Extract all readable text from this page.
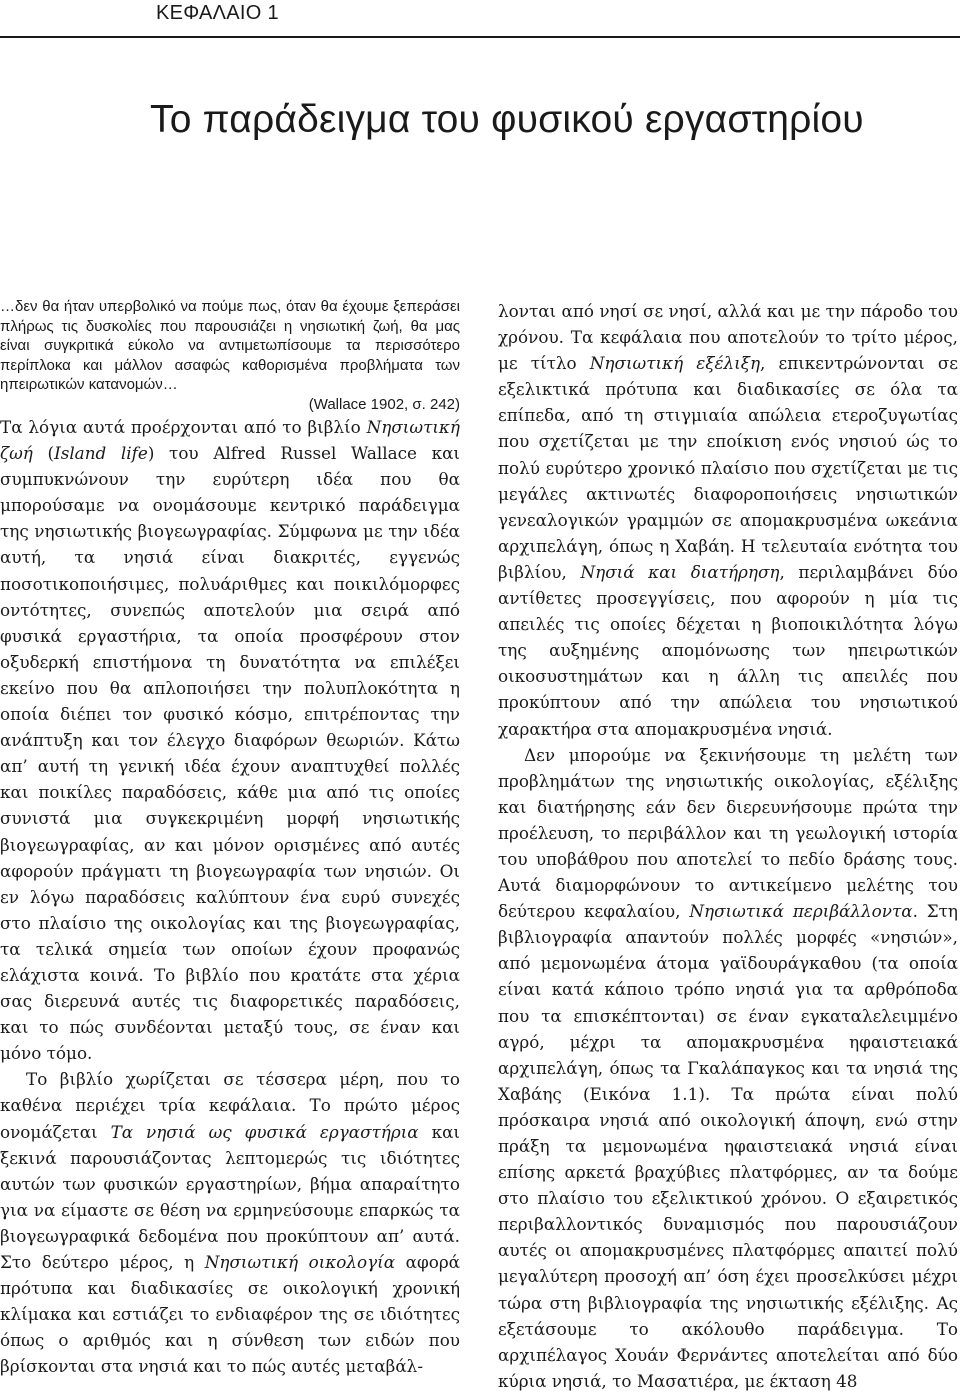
ΚΕΦΑΛΑΙΟ 1
Το παράδειγμα του φυσικού εργαστηρίου

…δεν θα ήταν υπερβολικό να πούμε πως, όταν θα έχουμε ξεπεράσει πλήρως τις δυσκολίες που παρουσιάζει η νησιωτική ζωή, θα μας είναι συγκριτικά εύκολο να αντιμετωπίσουμε τα περισσότερο περίπλοκα και μάλλον ασαφώς καθορισμένα προβλήματα των ηπειρωτικών κατανομών…

(Wallace 1902, σ. 242)

Τα λόγια αυτά προέρχονται από το βιβλίο Νησιωτική ζωή (Island life) του Alfred Russel Wallace και συμπυκνώνουν την ευρύτερη ιδέα που θα μπορούσαμε να ονομάσουμε κεντρικό παράδειγμα της νησιωτικής βιογεωγραφίας. Σύμφωνα με την ιδέα αυτή, τα νησιά είναι διακριτές, εγγενώς ποσοτικοποιήσιμες, πολυάριθμες και ποικιλόμορφες οντότητες, συνεπώς αποτελούν μια σειρά από φυσικά εργαστήρια, τα οποία προσφέρουν στον οξυδερκή επιστήμονα τη δυνατότητα να επιλέξει εκείνο που θα απλοποιήσει την πολυπλοκότητα η οποία διέπει τον φυσικό κόσμο, επιτρέποντας την ανάπτυξη και τον έλεγχο διαφόρων θεωριών. Κάτω απ’ αυτή τη γενική ιδέα έχουν αναπτυχθεί πολλές και ποικίλες παραδόσεις, κάθε μια από τις οποίες συνιστά μια συγκεκριμένη μορφή νησιωτικής βιογεωγραφίας, αν και μόνον ορισμένες από αυτές αφορούν πράγματι τη βιογεωγραφία των νησιών. Οι εν λόγω παραδόσεις καλύπτουν ένα ευρύ συνεχές στο πλαίσιο της οικολογίας και της βιογεωγραφίας, τα τελικά σημεία των οποίων έχουν προφανώς ελάχιστα κοινά. Το βιβλίο που κρατάτε στα χέρια σας διερευνά αυτές τις διαφορετικές παραδόσεις, και το πώς συνδέονται μεταξύ τους, σε έναν και μόνο τόμο.

Το βιβλίο χωρίζεται σε τέσσερα μέρη, που το καθένα περιέχει τρία κεφάλαια. Το πρώτο μέρος ονομάζεται Τα νησιά ως φυσικά εργαστήρια και ξεκινά παρουσιάζοντας λεπτομερώς τις ιδιότητες αυτών των φυσικών εργαστηρίων, βήμα απαραίτητο για να είμαστε σε θέση να ερμηνεύσουμε επαρκώς τα βιογεωγραφικά δεδομένα που προκύπτουν απ’ αυτά. Στο δεύτερο μέρος, η Νησιωτική οικολογία αφορά πρότυπα και διαδικασίες σε οικολογική χρονική κλίμακα και εστιάζει το ενδιαφέρον της σε ιδιότητες όπως ο αριθμός και η σύνθεση των ειδών που βρίσκονται στα νησιά και το πώς αυτές μεταβάλ-

λονται από νησί σε νησί, αλλά και με την πάροδο του χρόνου. Τα κεφάλαια που αποτελούν το τρίτο μέρος, με τίτλο Νησιωτική εξέλιξη, επικεντρώνονται σε εξελικτικά πρότυπα και διαδικασίες σε όλα τα επίπεδα, από τη στιγμιαία απώλεια ετεροζυγωτίας που σχετίζεται με την εποίκιση ενός νησιού ώς το πολύ ευρύτερο χρονικό πλαίσιο που σχετίζεται με τις μεγάλες ακτινωτές διαφοροποιήσεις νησιωτικών γενεαλογικών γραμμών σε απομακρυσμένα ωκεάνια αρχιπελάγη, όπως η Χαβάη. Η τελευταία ενότητα του βιβλίου, Νησιά και διατήρηση, περιλαμβάνει δύο αντίθετες προσεγγίσεις, που αφορούν η μία τις απειλές τις οποίες δέχεται η βιοποικιλότητα λόγω της αυξημένης απομόνωσης των ηπειρωτικών οικοσυστημάτων και η άλλη τις απειλές που προκύπτουν από την απώλεια του νησιωτικού χαρακτήρα στα απομακρυσμένα νησιά.

Δεν μπορούμε να ξεκινήσουμε τη μελέτη των προβλημάτων της νησιωτικής οικολογίας, εξέλιξης και διατήρησης εάν δεν διερευνήσουμε πρώτα την προέλευση, το περιβάλλον και τη γεωλογική ιστορία του υποβάθρου που αποτελεί το πεδίο δράσης τους. Αυτά διαμορφώνουν το αντικείμενο μελέτης του δεύτερου κεφαλαίου, Νησιωτικά περιβάλλοντα. Στη βιβλιογραφία απαντούν πολλές μορφές «νησιών», από μεμονωμένα άτομα γαϊδουράγκαθου (τα οποία είναι κατά κάποιο τρόπο νησιά για τα αρθρόποδα που τα επισκέπτονται) σε έναν εγκαταλελειμμένο αγρό, μέχρι τα απομακρυσμένα ηφαιστειακά αρχιπελάγη, όπως τα Γκαλάπαγκος και τα νησιά της Χαβάης (Εικόνα 1.1). Τα πρώτα είναι πολύ πρόσκαιρα νησιά από οικολογική άποψη, ενώ στην πράξη τα μεμονωμένα ηφαιστειακά νησιά είναι επίσης αρκετά βραχύβιες πλατφόρμες, αν τα δούμε στο πλαίσιο του εξελικτικού χρόνου. Ο εξαιρετικός περιβαλλοντικός δυναμισμός που παρουσιάζουν αυτές οι απομακρυσμένες πλατφόρμες απαιτεί πολύ μεγαλύτερη προσοχή απ’ όση έχει προσελκύσει μέχρι τώρα στη βιβλιογραφία της νησιωτικής εξέλιξης. Ας εξετάσουμε το ακόλουθο παράδειγμα. Το αρχιπέλαγος Χουάν Φερνάντες αποτελείται από δύο κύρια νησιά, το Μασατιέρα, με έκταση 48
